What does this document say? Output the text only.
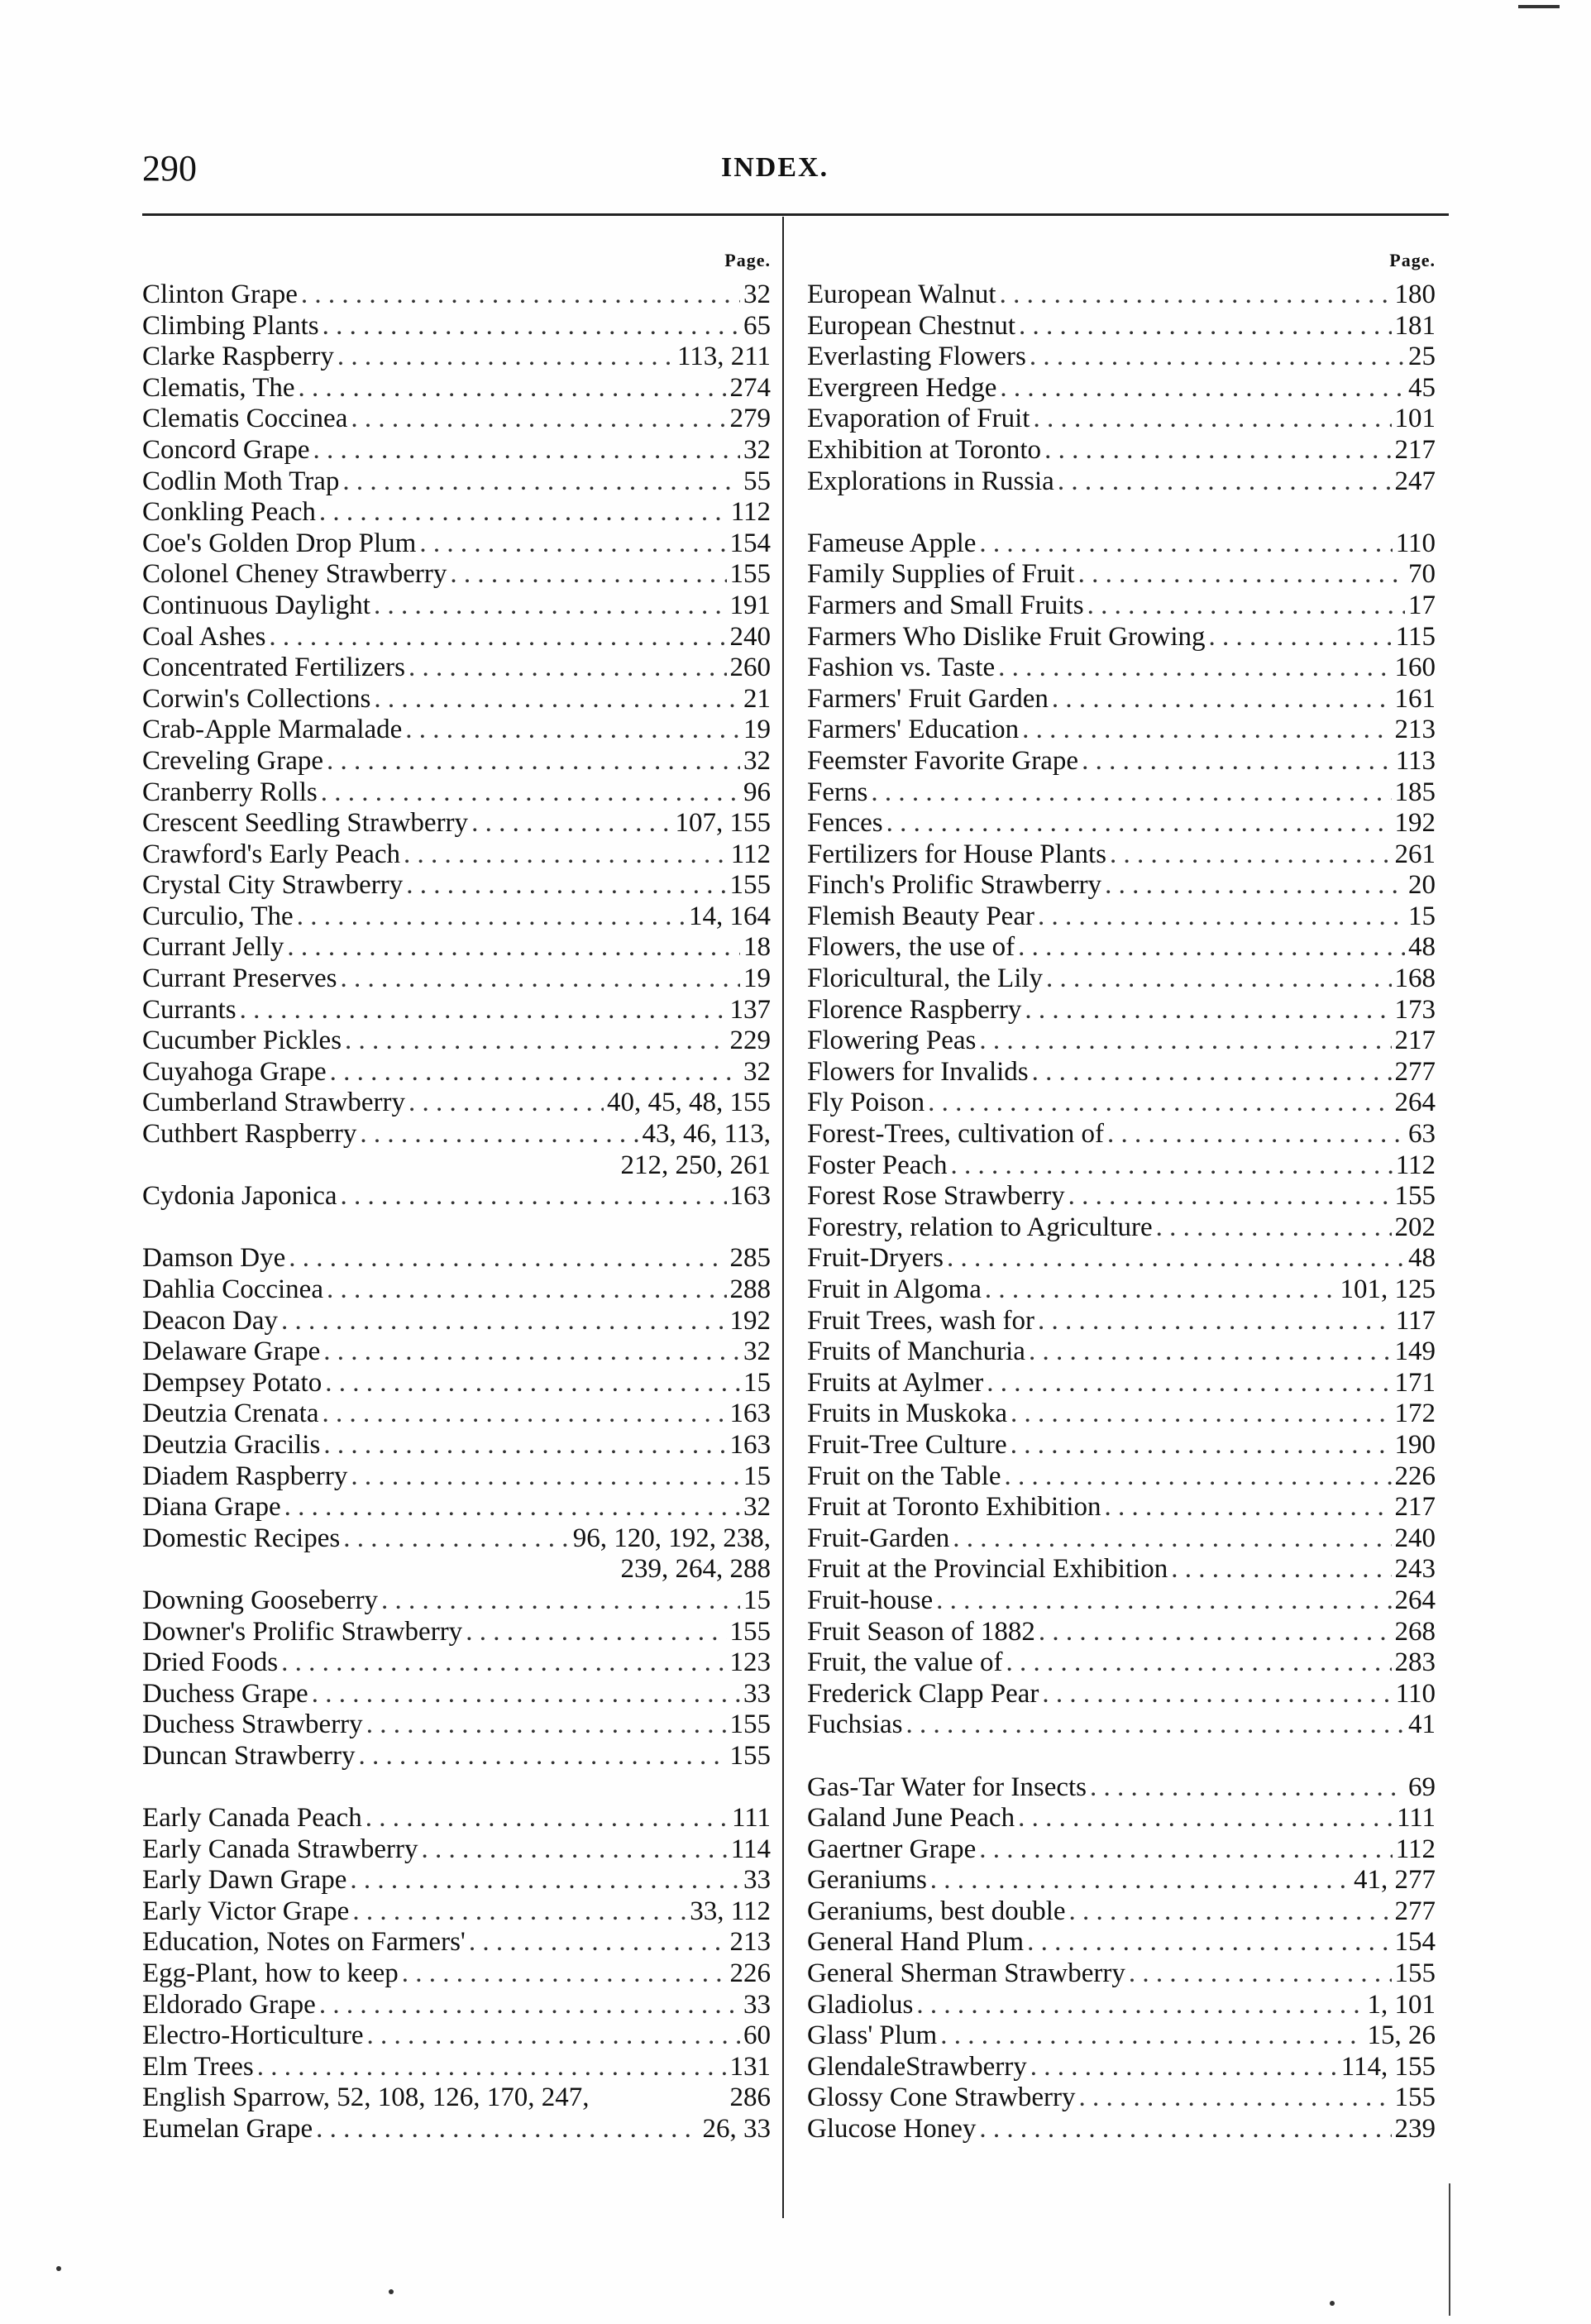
290	INDEX.
Page.
Clinton Grape . . .	32
Climbing Plants . . .	65
Clarke Raspberry . . .	113, 211
Clematis, The . . .	274
Clematis Coccinea . . .	279
Concord Grape . . .	32
Codlin Moth Trap . . .	55
Conkling Peach . . .	112
Coe's Golden Drop Plum . . .	154
Colonel Cheney Strawberry . . .	155
Continuous Daylight . . .	191
Coal Ashes . . .	240
Concentrated Fertilizers . . .	260
Corwin's Collections . . .	21
Crab-Apple Marmalade . . .	19
Creveling Grape . . .	32
Cranberry Rolls . . .	96
Crescent Seedling Strawberry . . .	107, 155
Crawford's Early Peach . . .	112
Crystal City Strawberry . . .	155
Curculio, The . . .	14, 164
Currant Jelly . . .	18
Currant Preserves . . .	19
Currants . . .	137
Cucumber Pickles . . .	229
Cuyahoga Grape . . .	32
Cumberland Strawberry . . .	40, 45, 48, 155
Cuthbert Raspberry . . .	43, 46, 113,
212, 250, 261
Cydonia Japonica . . .	163
Damson Dye . . .	285
Dahlia Coccinea . . .	288
Deacon Day . . .	192
Delaware Grape . . .	32
Dempsey Potato . . .	15
Deutzia Crenata . . .	163
Deutzia Gracilis . . .	163
Diadem Raspberry . . .	15
Diana Grape . . .	32
Domestic Recipes . . .	96, 120, 192, 238,
239, 264, 288
Downing Gooseberry . . .	15
Downer's Prolific Strawberry . . .	155
Dried Foods . . .	123
Duchess Grape . . .	33
Duchess Strawberry . . .	155
Duncan Strawberry . . .	155
Early Canada Peach . . .	111
Early Canada Strawberry . . .	114
Early Dawn Grape . . .	33
Early Victor Grape . . .	33, 112
Education, Notes on Farmers' . . .	213
Egg-Plant, how to keep . . .	226
Eldorado Grape . . .	33
Electro-Horticulture . . .	60
Elm Trees . . .	131
English Sparrow, 52, 108, 126, 170, 247,	286
Eumelan Grape . . .	26, 33
Page.
European Walnut . . .	180
European Chestnut . . .	181
Everlasting Flowers . . .	25
Evergreen Hedge . . .	45
Evaporation of Fruit . . .	101
Exhibition at Toronto . . .	217
Explorations in Russia . . .	247
Fameuse Apple . . .	110
Family Supplies of Fruit . . .	70
Farmers and Small Fruits . . .	17
Farmers Who Dislike Fruit Growing . . .	115
Fashion vs. Taste . . .	160
Farmers' Fruit Garden . . .	161
Farmers' Education . . .	213
Feemster Favorite Grape . . .	113
Ferns . . .	185
Fences . . .	192
Fertilizers for House Plants . . .	261
Finch's Prolific Strawberry . . .	20
Flemish Beauty Pear . . .	15
Flowers, the use of . . .	48
Floricultural, the Lily . . .	168
Florence Raspberry . . .	173
Flowering Peas . . .	217
Flowers for Invalids . . .	277
Fly Poison . . .	264
Forest-Trees, cultivation of . . .	63
Foster Peach . . .	112
Forest Rose Strawberry . . .	155
Forestry, relation to Agriculture . . .	202
Fruit-Dryers . . .	48
Fruit in Algoma . . .	101, 125
Fruit Trees, wash for . . .	117
Fruits of Manchuria . . .	149
Fruits at Aylmer . . .	171
Fruits in Muskoka . . .	172
Fruit-Tree Culture . . .	190
Fruit on the Table . . .	226
Fruit at Toronto Exhibition . . .	217
Fruit-Garden . . .	240
Fruit at the Provincial Exhibition . . .	243
Fruit-house . . .	264
Fruit Season of 1882 . . .	268
Fruit, the value of . . .	283
Frederick Clapp Pear . . .	110
Fuchsias . . .	41
Gas-Tar Water for Insects . . .	69
Galand June Peach . . .	111
Gaertner Grape . . .	112
Geraniums . . .	41, 277
Geraniums, best double . . .	277
General Hand Plum . . .	154
General Sherman Strawberry . . .	155
Gladiolus . . .	1, 101
Glass' Plum . . .	15, 26
GlendaleStrawberry . . .	114, 155
Glossy Cone Strawberry . . .	155
Glucose Honey . . .	239
